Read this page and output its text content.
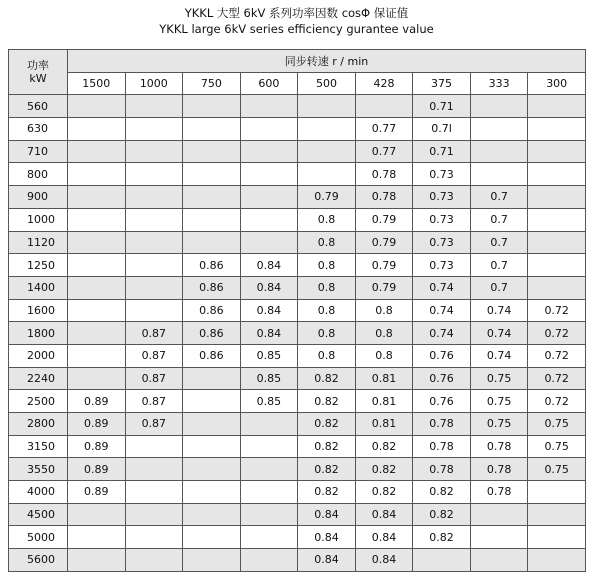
YKKL 大型 6kV 系列功率因数 cosΦ 保证值
YKKL large 6kV series efficiency gurantee value
功率
kW	同步转速 r / min								
	1500	1000	750	600	500	428	375	333	300
560							0.71		
630						0.77	0.7l		
710						0.77	0.71		
800						0.78	0.73		
900					0.79	0.78	0.73	0.7	
1000					0.8	0.79	0.73	0.7	
1120					0.8	0.79	0.73	0.7	
1250			0.86	0.84	0.8	0.79	0.73	0.7	
1400			0.86	0.84	0.8	0.79	0.74	0.7	
1600			0.86	0.84	0.8	0.8	0.74	0.74	0.72
1800		0.87	0.86	0.84	0.8	0.8	0.74	0.74	0.72
2000		0.87	0.86	0.85	0.8	0.8	0.76	0.74	0.72
2240		0.87		0.85	0.82	0.81	0.76	0.75	0.72
2500	0.89	0.87		0.85	0.82	0.81	0.76	0.75	0.72
2800	0.89	0.87			0.82	0.81	0.78	0.75	0.75
3150	0.89				0.82	0.82	0.78	0.78	0.75
3550	0.89				0.82	0.82	0.78	0.78	0.75
4000	0.89				0.82	0.82	0.82	0.78	
4500					0.84	0.84	0.82		
5000					0.84	0.84	0.82		
5600					0.84	0.84			
